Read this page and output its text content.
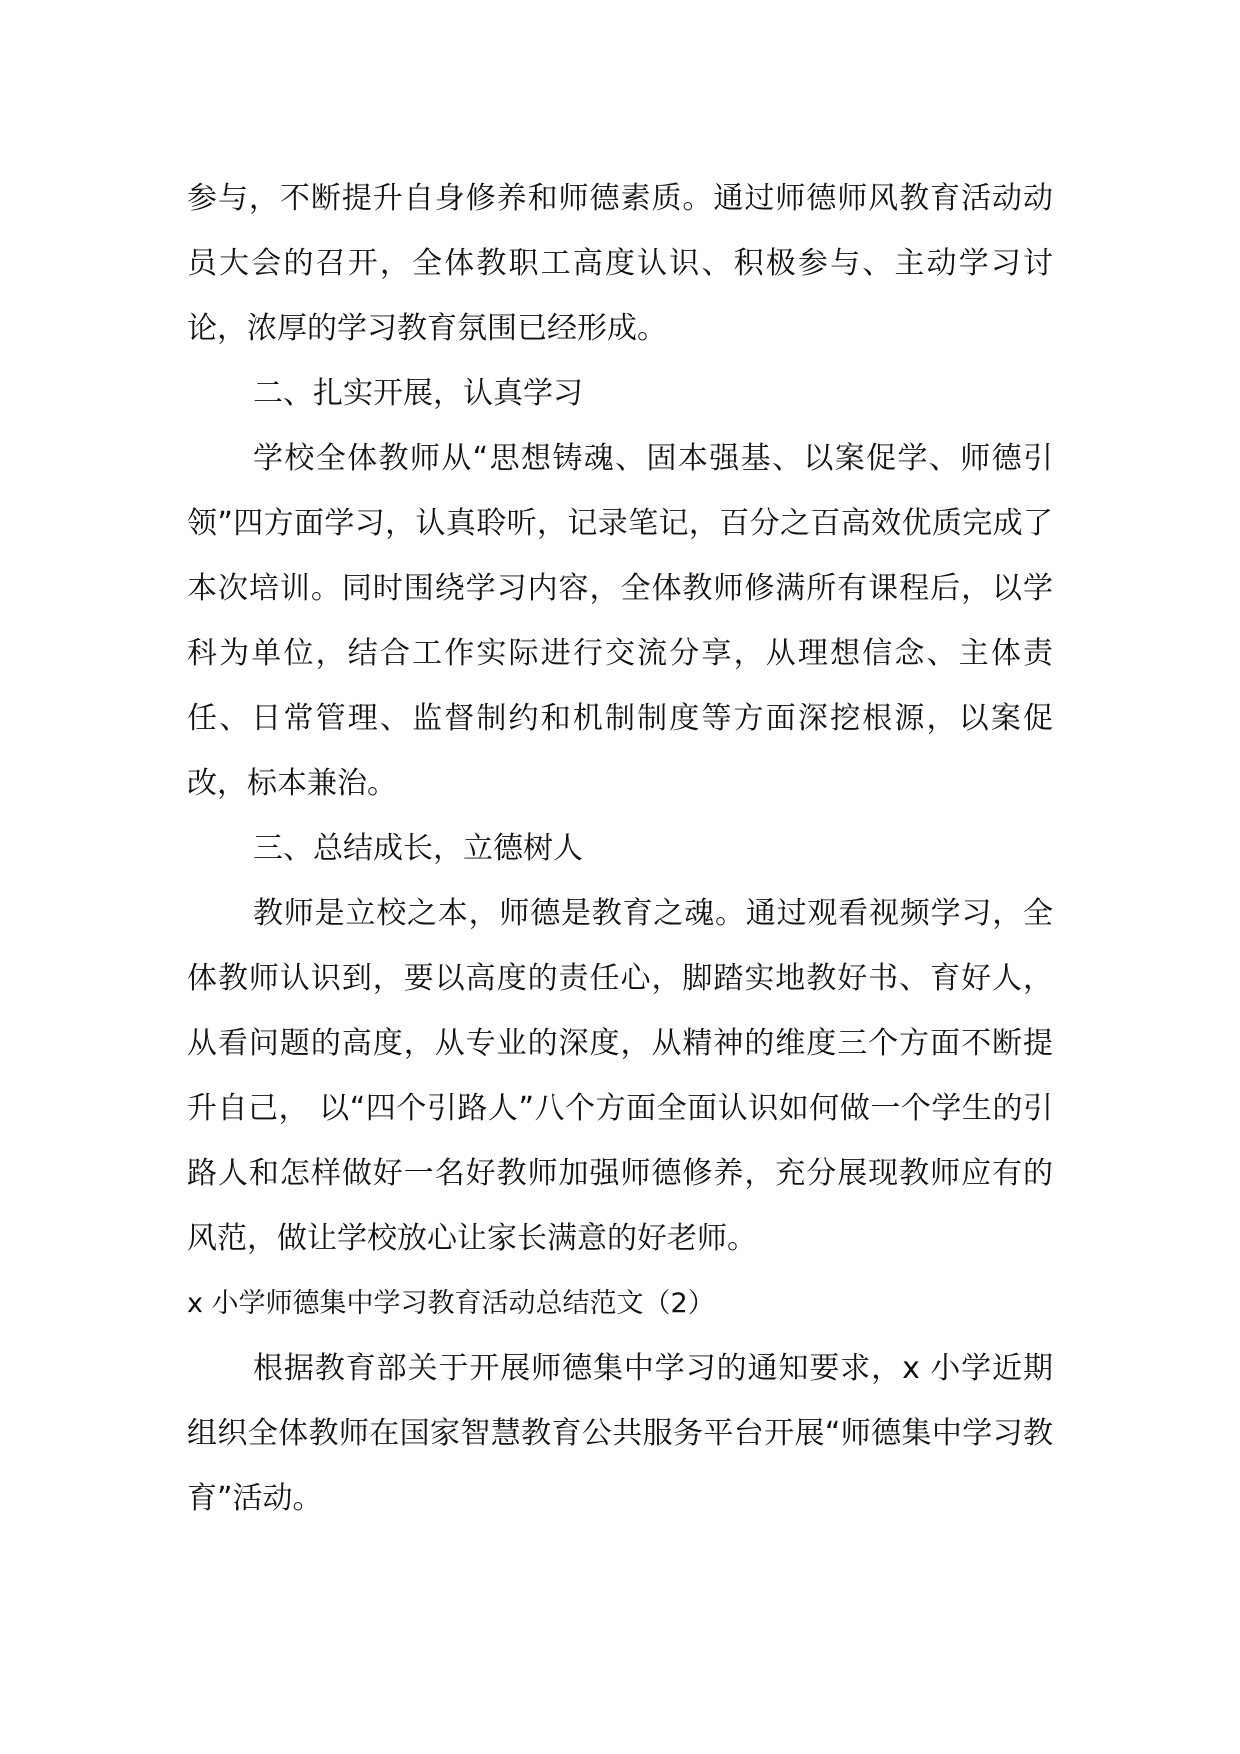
参与，不断提升自身修养和师德素质。通过师德师风教育活动动员大会的召开，全体教职工高度认识、积极参与、主动学习讨论，浓厚的学习教育氛围已经形成。

二、扎实开展，认真学习

学校全体教师从“思想铸魂、固本强基、以案促学、师德引领”四方面学习，认真聆听，记录笔记，百分之百高效优质完成了本次培训。同时围绕学习内容，全体教师修满所有课程后，以学科为单位，结合工作实际进行交流分享，从理想信念、主体责任、日常管理、监督制约和机制制度等方面深挖根源，以案促改，标本兼治。

三、总结成长，立德树人

教师是立校之本，师德是教育之魂。通过观看视频学习，全体教师认识到，要以高度的责任心，脚踏实地教好书、育好人，从看问题的高度，从专业的深度，从精神的维度三个方面不断提升自己， 以“四个引路人”八个方面全面认识如何做一个学生的引路人和怎样做好一名好教师加强师德修养，充分展现教师应有的风范，做让学校放心让家长满意的好老师。

x 小学师德集中学习教育活动总结范文（2）

根据教育部关于开展师德集中学习的通知要求，x 小学近期组织全体教师在国家智慧教育公共服务平台开展“师德集中学习教育”活动。
